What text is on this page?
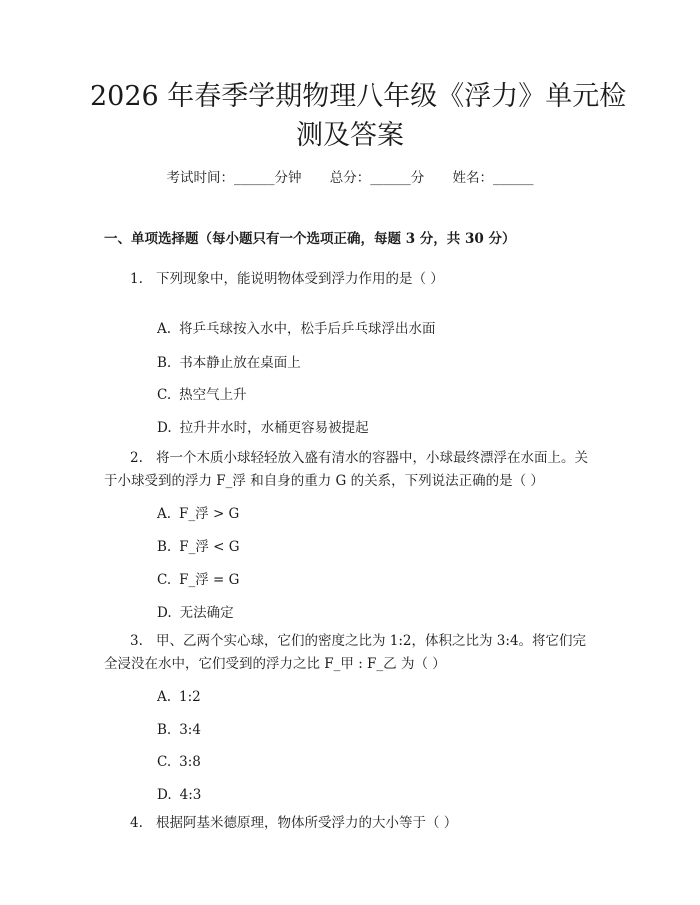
2026 年春季学期物理八年级《浮力》单元检
测及答案
考试时间：______分钟 总分：______分 姓名：______
一、单项选择题（每小题只有一个选项正确，每题 3 分，共 30 分）
1. 下列现象中，能说明物体受到浮力作用的是（ ）
A. 将乒乓球按入水中，松手后乒乓球浮出水面
B. 书本静止放在桌面上
C. 热空气上升
D. 拉升井水时，水桶更容易被提起
2. 将一个木质小球轻轻放入盛有清水的容器中，小球最终漂浮在水面上。关
于小球受到的浮力 F_浮 和自身的重力 G 的关系，下列说法正确的是（ ）
A. F_浮 > G
B. F_浮 < G
C. F_浮 = G
D. 无法确定
3. 甲、乙两个实心球，它们的密度之比为 1:2，体积之比为 3:4。将它们完
全浸没在水中，它们受到的浮力之比 F_甲 : F_乙 为（ ）
A. 1:2
B. 3:4
C. 3:8
D. 4:3
4. 根据阿基米德原理，物体所受浮力的大小等于（ ）
